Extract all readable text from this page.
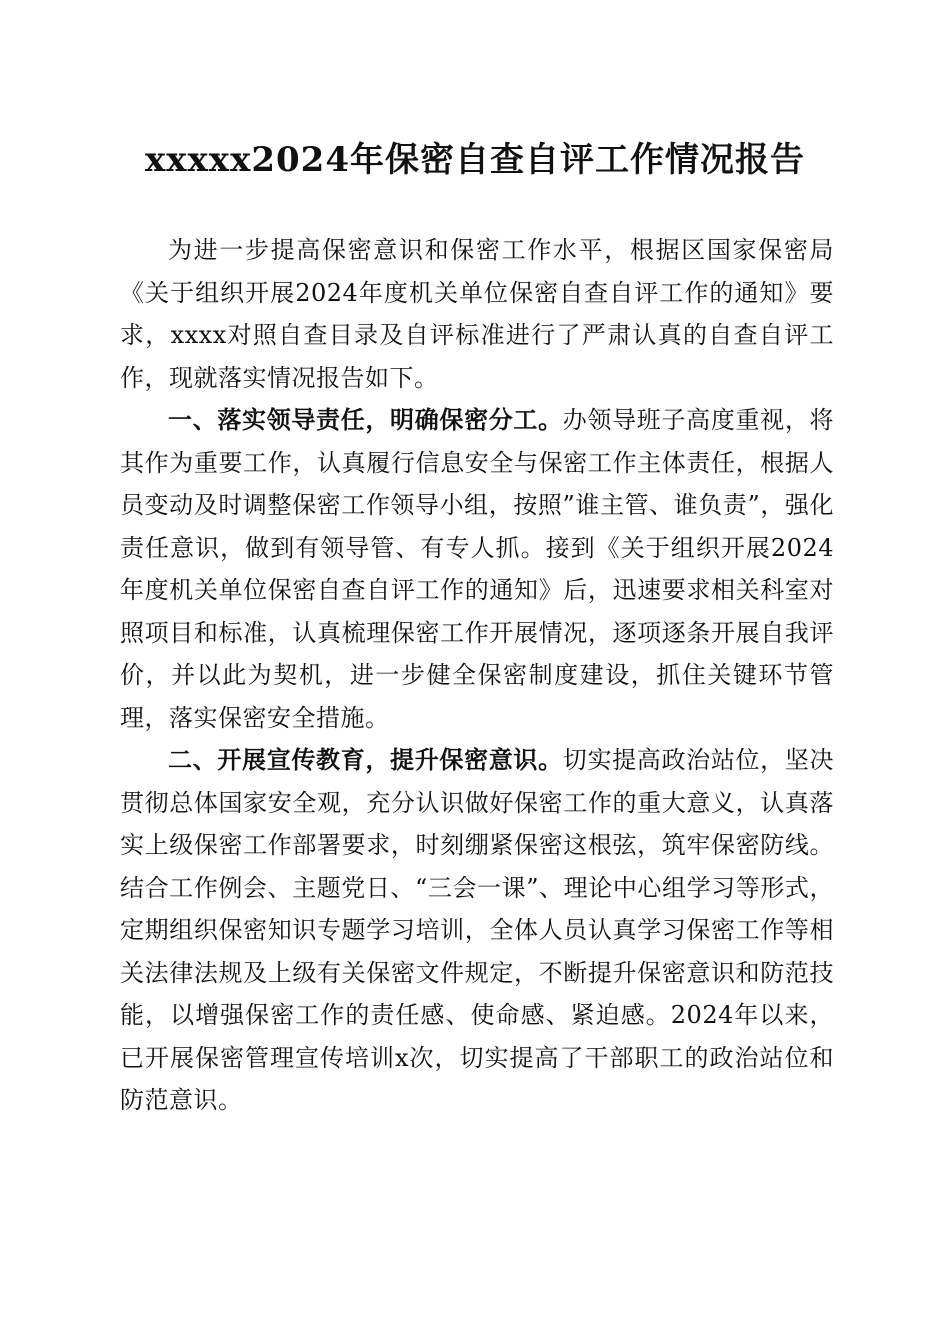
xxxxx2024年保密自查自评工作情况报告

为进一步提高保密意识和保密工作水平，根据区国家保密局《关于组织开展2024年度机关单位保密自查自评工作的通知》要求，xxxx对照自查目录及自评标准进行了严肃认真的自查自评工作，现就落实情况报告如下。

一、落实领导责任，明确保密分工。办领导班子高度重视，将其作为重要工作，认真履行信息安全与保密工作主体责任，根据人员变动及时调整保密工作领导小组，按照”谁主管、谁负责”，强化责任意识，做到有领导管、有专人抓。接到《关于组织开展2024年度机关单位保密自查自评工作的通知》后，迅速要求相关科室对照项目和标准，认真梳理保密工作开展情况，逐项逐条开展自我评价，并以此为契机，进一步健全保密制度建设，抓住关键环节管理，落实保密安全措施。

二、开展宣传教育，提升保密意识。切实提高政治站位，坚决贯彻总体国家安全观，充分认识做好保密工作的重大意义，认真落实上级保密工作部署要求，时刻绷紧保密这根弦，筑牢保密防线。结合工作例会、主题党日、“三会一课”、理论中心组学习等形式，定期组织保密知识专题学习培训，全体人员认真学习保密工作等相关法律法规及上级有关保密文件规定，不断提升保密意识和防范技能，以增强保密工作的责任感、使命感、紧迫感。2024年以来，已开展保密管理宣传培训x次，切实提高了干部职工的政治站位和防范意识。
